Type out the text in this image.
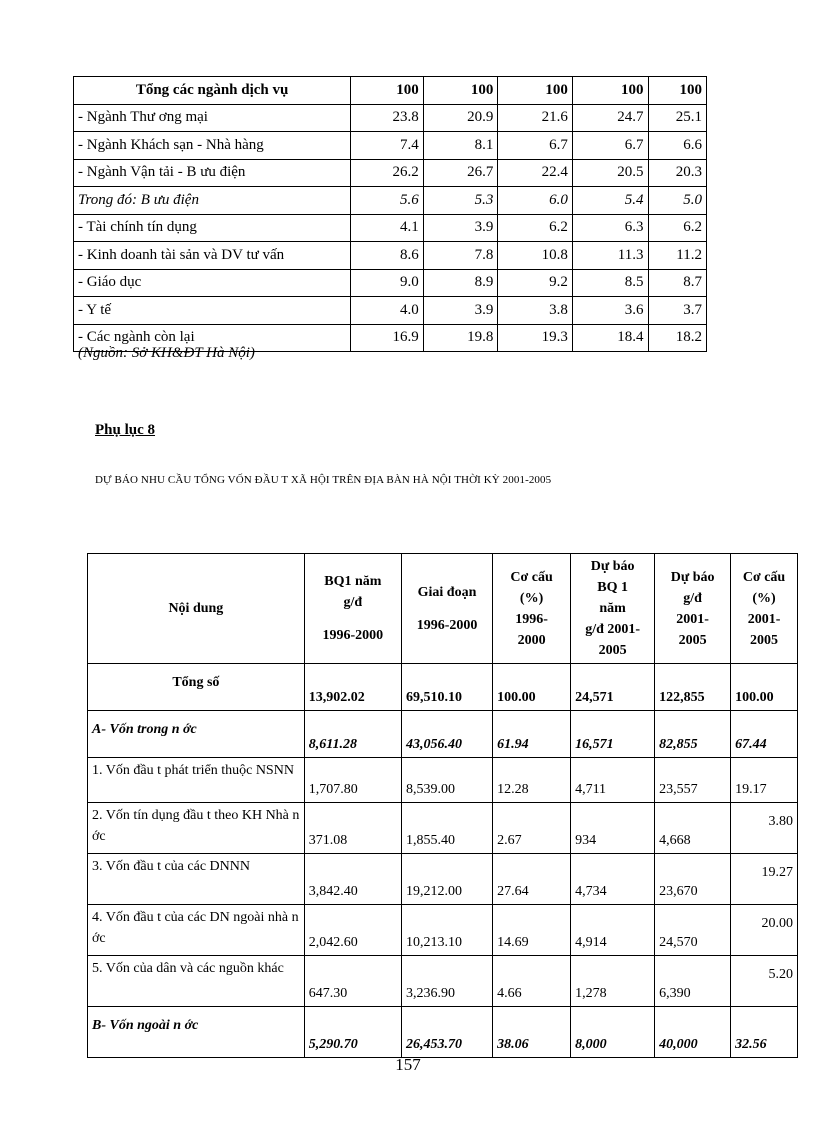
Tổng các ngành dịch vụ	100	100	100	100	100
- Ngành Thư ơng mại	23.8	20.9	21.6	24.7	25.1
- Ngành Khách sạn - Nhà hàng	7.4	8.1	6.7	6.7	6.6
- Ngành Vận tải - B ưu điện	26.2	26.7	22.4	20.5	20.3
Trong đó: B ưu điện	5.6	5.3	6.0	5.4	5.0
- Tài chính tín dụng	4.1	3.9	6.2	6.3	6.2
- Kinh doanh tài sản và DV tư vấn	8.6	7.8	10.8	11.3	11.2
- Giáo dục	9.0	8.9	9.2	8.5	8.7
- Y tế	4.0	3.9	3.8	3.6	3.7
- Các ngành còn lại	16.9	19.8	19.3	18.4	18.2
(Nguồn: Sở KH&ĐT Hà Nội)
Phụ lục 8
DỰ BÁO NHU CẦU TỔNG VỐN ĐẦU T XÃ HỘI TRÊN ĐỊA BÀN HÀ NỘI THỜI KỲ 2001-2005
Nội dung	BQ1 năm
g/đ
1996-2000	Giai đoạn
1996-2000	Cơ cấu
(%)
1996-
2000	Dự báo
BQ 1
năm
g/đ 2001-
2005	Dự báo
g/đ
2001-
2005	Cơ cấu
(%)
2001-
2005

Tổng số	13,902.02	69,510.10	100.00	24,571	122,855	100.00
A- Vốn trong n ớc	8,611.28	43,056.40	61.94	16,571	82,855	67.44
1. Vốn đầu t phát triển thuộc NSNN	1,707.80	8,539.00	12.28	4,711	23,557	19.17
2. Vốn tín dụng đầu t theo KH Nhà n ớc	371.08	1,855.40	2.67	934	4,668	3.80
3. Vốn đầu t của các DNNN	3,842.40	19,212.00	27.64	4,734	23,670	19.27
4. Vốn đầu t của các DN ngoài nhà n ớc	2,042.60	10,213.10	14.69	4,914	24,570	20.00
5. Vốn của dân và các nguồn khác	647.30	3,236.90	4.66	1,278	6,390	5.20
B- Vốn ngoài n ớc	5,290.70	26,453.70	38.06	8,000	40,000	32.56
157
